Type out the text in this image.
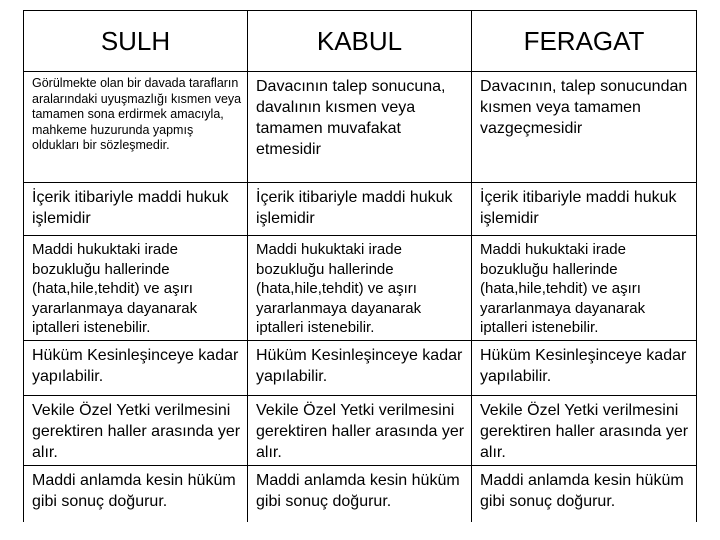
SULH	KABUL	FERAGAT
Görülmekte olan bir davada tarafların aralarındaki uyuşmazlığı kısmen veya tamamen sona erdirmek amacıyla, mahkeme huzurunda yapmış oldukları bir sözleşmedir.	Davacının talep sonucuna, davalının kısmen veya tamamen muvafakat etmesidir	Davacının, talep sonucundan kısmen veya tamamen vazgeçmesidir
İçerik itibariyle maddi hukuk işlemidir	İçerik itibariyle maddi hukuk işlemidir	İçerik itibariyle maddi hukuk işlemidir
Maddi hukuktaki irade bozukluğu hallerinde (hata,hile,tehdit) ve aşırı yararlanmaya dayanarak iptalleri istenebilir.	Maddi hukuktaki irade bozukluğu hallerinde (hata,hile,tehdit) ve aşırı yararlanmaya dayanarak iptalleri istenebilir.	Maddi hukuktaki irade bozukluğu hallerinde (hata,hile,tehdit) ve aşırı yararlanmaya dayanarak iptalleri istenebilir.
Hüküm Kesinleşinceye kadar yapılabilir.	Hüküm Kesinleşinceye kadar yapılabilir.	Hüküm Kesinleşinceye kadar yapılabilir.
Vekile Özel Yetki verilmesini gerektiren haller arasında yer alır.	Vekile Özel Yetki verilmesini gerektiren haller arasında yer alır.	Vekile Özel Yetki verilmesini gerektiren haller arasında yer alır.
Maddi anlamda kesin hüküm gibi sonuç doğurur.	Maddi anlamda kesin hüküm gibi sonuç doğurur.	Maddi anlamda kesin hüküm gibi sonuç doğurur.
